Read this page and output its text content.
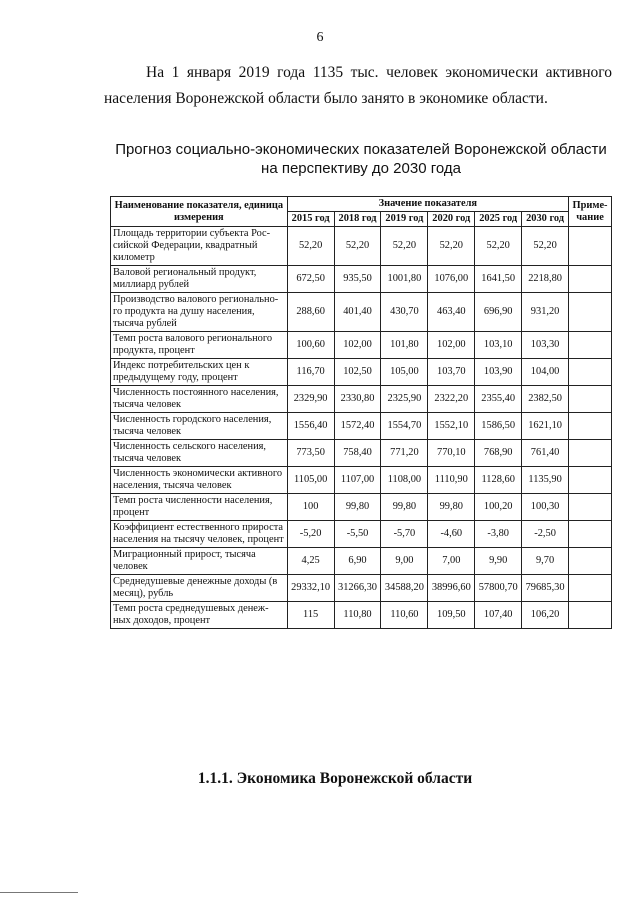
6
На 1 января 2019 года 1135 тыс. человек экономически активного
населения Воронежской области было занято в экономике области.
Прогноз социально-экономических показателей Воронежской области
на перспективу до 2030 года
Наименование показателя, единица измерения	Значение показателя						Приме-чание
	2015 год	2018 год	2019 год	2020 год	2025 год	2030 год	
Площадь территории субъекта Рос-сийской Федерации, квадратный километр	52,20	52,20	52,20	52,20	52,20	52,20	
Валовой региональный продукт, миллиард рублей	672,50	935,50	1001,80	1076,00	1641,50	2218,80	
Производство валового регионально-го продукта на душу населения, тысяча рублей	288,60	401,40	430,70	463,40	696,90	931,20	
Темп роста валового регионального продукта, процент	100,60	102,00	101,80	102,00	103,10	103,30	
Индекс потребительских цен к предыдущему году, процент	116,70	102,50	105,00	103,70	103,90	104,00	
Численность постоянного населения, тысяча человек	2329,90	2330,80	2325,90	2322,20	2355,40	2382,50	
Численность городского населения, тысяча человек	1556,40	1572,40	1554,70	1552,10	1586,50	1621,10	
Численность сельского населения, тысяча человек	773,50	758,40	771,20	770,10	768,90	761,40	
Численность экономически активного населения, тысяча человек	1105,00	1107,00	1108,00	1110,90	1128,60	1135,90	
Темп роста численности населения, процент	100	99,80	99,80	99,80	100,20	100,30	
Коэффициент естественного прироста населения на тысячу человек, процент	-5,20	-5,50	-5,70	-4,60	-3,80	-2,50	
Миграционный прирост, тысяча человек	4,25	6,90	9,00	7,00	9,90	9,70	
Среднедушевые денежные доходы (в месяц), рубль	29332,10	31266,30	34588,20	38996,60	57800,70	79685,30	
Темп роста среднедушевых денеж-ных доходов, процент	115	110,80	110,60	109,50	107,40	106,20	
1.1.1. Экономика Воронежской области
